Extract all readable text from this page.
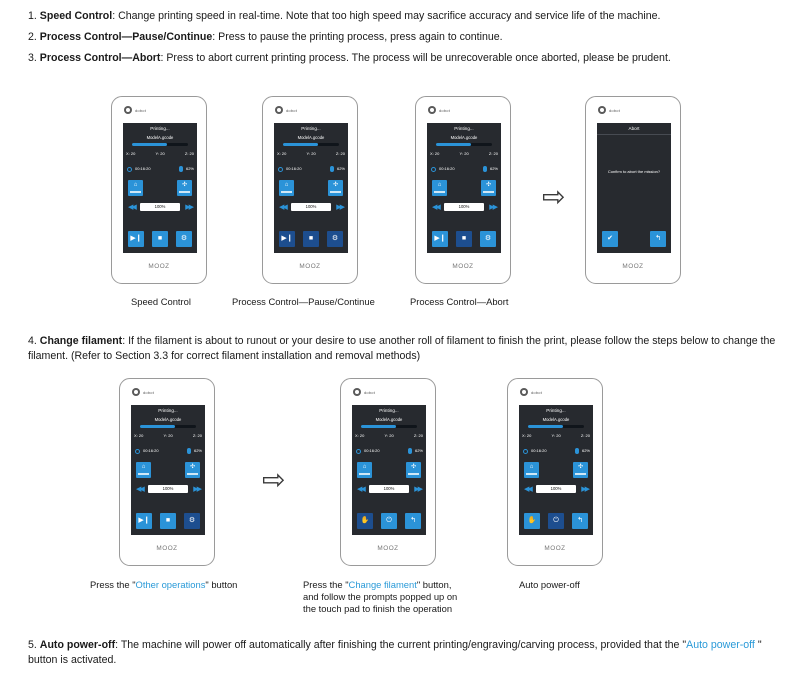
1. Speed Control: Change printing speed in real-time. Note that too high speed may sacrifice accuracy and service life of the machine.
2. Process Control—Pause/Continue: Press to pause the printing process, press again to continue.
3. Process Control—Abort: Press to abort current printing process. The process will be unrecoverable once aborted, please be prudent.
dobot
Printing...
ModelA.gcode
X: 20	Y: 20	Z: 20
00:16:20	62%
⌂	✣
◀◀	100%	▶▶
▶❙	■	⚙
MOOZ
dobot
Printing...
ModelA.gcode
X: 20	Y: 20	Z: 20
00:16:20	62%
⌂	✣
◀◀	100%	▶▶
▶❙	■	⚙
MOOZ
dobot
Printing...
ModelA.gcode
X: 20	Y: 20	Z: 20
00:16:20	62%
⌂	✣
◀◀	100%	▶▶
▶❙	■	⚙
MOOZ
⇨
dobot
Abort
Confirm to abort the mission?
✔	↰
MOOZ
Speed Control	Process Control—Pause/Continue	Process Control—Abort
4. Change filament: If the filament is about to runout or your desire to use another roll of filament to finish the print, please follow the steps below to change the filament. (Refer to Section 3.3 for correct filament installation and removal methods)
dobot
Printing...
ModelA.gcode
X: 20	Y: 20	Z: 20
00:16:20	62%
⌂	✣
◀◀	100%	▶▶
▶❙	■	⚙
MOOZ
⇨
dobot
Printing...
ModelA.gcode
X: 20	Y: 20	Z: 20
00:16:20	62%
⌂	✣
◀◀	100%	▶▶
✋	⏻	↰
MOOZ
dobot
Printing...
ModelA.gcode
X: 20	Y: 20	Z: 20
00:16:20	62%
⌂	✣
◀◀	100%	▶▶
✋	⏻	↰
MOOZ
Press the "Other operations" button	Press the "Change filament" button,
and follow the prompts popped up on
the touch pad to finish the operation
Auto power-off
5. Auto power-off: The machine will power off automatically after finishing the current printing/engraving/carving process, provided that the "Auto power-off " button is activated.
